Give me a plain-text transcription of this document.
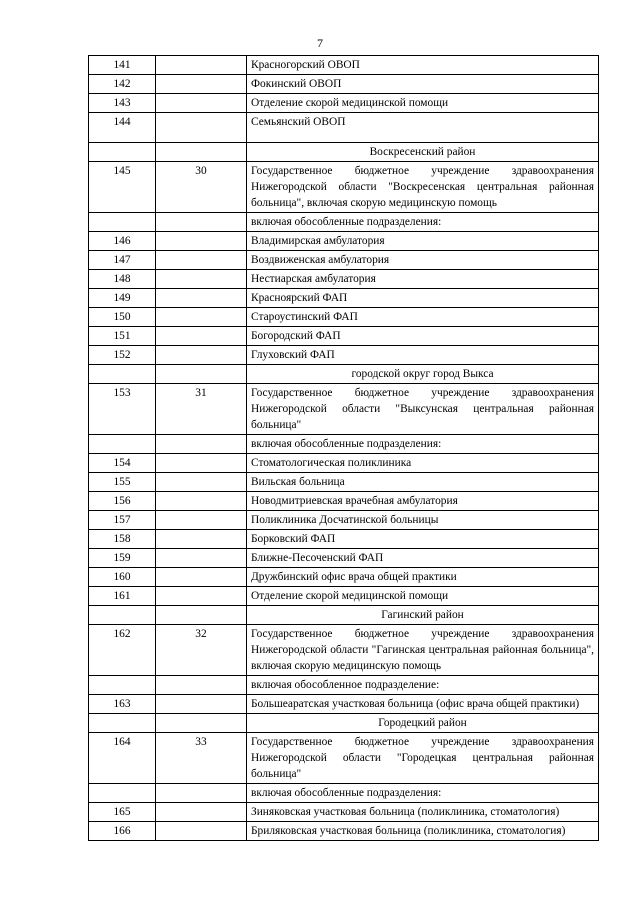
7
141		Красногорский ОВОП
142		Фокинский ОВОП
143		Отделение скорой медицинской помощи
144		Семьянский ОВОП
		Воскресенский район
145	30	Государственное бюджетное учреждение здравоохранения Нижегородской области "Воскресенская центральная районная больница", включая скорую медицинскую помощь
		включая обособленные подразделения:
146		Владимирская амбулатория
147		Воздвиженская амбулатория
148		Нестиарская амбулатория
149		Красноярский ФАП
150		Староустинский ФАП
151		Богородский ФАП
152		Глуховский ФАП
		городской округ город Выкса
153	31	Государственное бюджетное учреждение здравоохранения Нижегородской области "Выксунская центральная районная больница"
		включая обособленные подразделения:
154		Стоматологическая поликлиника
155		Вильская больница
156		Новодмитриевская врачебная амбулатория
157		Поликлиника Досчатинской больницы
158		Борковский ФАП
159		Ближне-Песоченский ФАП
160		Дружбинский офис врача общей практики
161		Отделение скорой медицинской помощи
		Гагинский район
162	32	Государственное бюджетное учреждение здравоохранения Нижегородской области "Гагинская центральная районная больница", включая скорую медицинскую помощь
		включая обособленное подразделение:
163		Большеаратская участковая больница (офис врача общей практики)
		Городецкий район
164	33	Государственное бюджетное учреждение здравоохранения Нижегородской области "Городецкая центральная районная больница"
		включая обособленные подразделения:
165		Зиняковская участковая больница (поликлиника, стоматология)
166		Бриляковская участковая больница (поликлиника, стоматология)
